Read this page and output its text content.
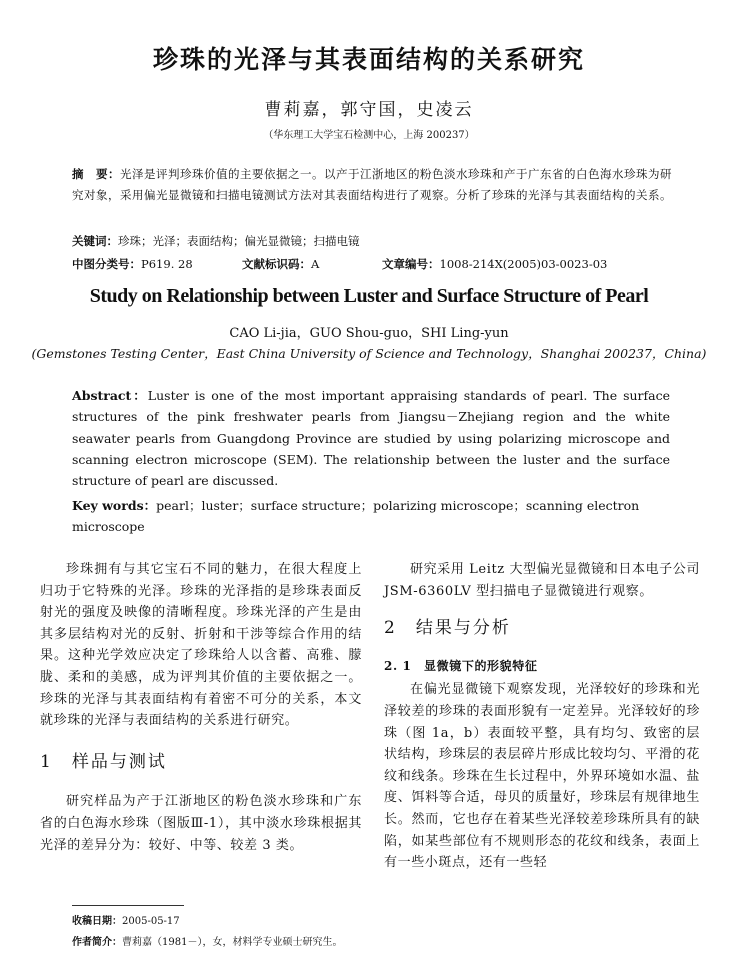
珍珠的光泽与其表面结构的关系研究
曹莉嘉，郭守国，史凌云
（华东理工大学宝石检测中心，上海 200237）
摘　要：光泽是评判珍珠价值的主要依据之一。以产于江浙地区的粉色淡水珍珠和产于广东省的白色海水珍珠为研究对象，采用偏光显微镜和扫描电镜测试方法对其表面结构进行了观察。分析了珍珠的光泽与其表面结构的关系。
关键词：珍珠；光泽；表面结构；偏光显微镜；扫描电镜
中图分类号：P619. 28	文献标识码：A	文章编号：1008-214X(2005)03-0023-03
Study on Relationship between Luster and Surface Structure of Pearl
CAO Li-jia，GUO Shou-guo，SHI Ling-yun
(Gemstones Testing Center，East China University of Science and Technology，Shanghai 200237，China)
Abstract：Luster is one of the most important appraising standards of pearl. The surface structures of the pink freshwater pearls from Jiangsu－Zhejiang region and the white seawater pearls from Guangdong Province are studied by using polarizing microscope and scanning electron microscope (SEM). The relationship between the luster and the surface structure of pearl are discussed.
Key words：pearl；luster；surface structure；polarizing microscope；scanning electron microscope

珍珠拥有与其它宝石不同的魅力，在很大程度上归功于它特殊的光泽。珍珠的光泽指的是珍珠表面反射光的强度及映像的清晰程度。珍珠光泽的产生是由其多层结构对光的反射、折射和干涉等综合作用的结果。这种光学效应决定了珍珠给人以含蓄、高雅、朦胧、柔和的美感，成为评判其价值的主要依据之一。珍珠的光泽与其表面结构有着密不可分的关系，本文就珍珠的光泽与表面结构的关系进行研究。

1　样品与测试

研究样品为产于江浙地区的粉色淡水珍珠和广东省的白色海水珍珠（图版Ⅲ-1），其中淡水珍珠根据其光泽的差异分为：较好、中等、较差 3 类。

研究采用 Leitz 大型偏光显微镜和日本电子公司 JSM-6360LV 型扫描电子显微镜进行观察。

2　结果与分析
2. 1　显微镜下的形貌特征

在偏光显微镜下观察发现，光泽较好的珍珠和光泽较差的珍珠的表面形貌有一定差异。光泽较好的珍珠（图 1a，b）表面较平整，具有均匀、致密的层状结构，珍珠层的表层碎片形成比较均匀、平滑的花纹和线条。珍珠在生长过程中，外界环境如水温、盐度、饵料等合适，母贝的质量好，珍珠层有规律地生长。然而，它也存在着某些光泽较差珍珠所具有的缺陷，如某些部位有不规则形态的花纹和线条，表面上有一些小斑点，还有一些轻

收稿日期：2005-05-17
作者简介：曹莉嘉（1981－），女，材料学专业硕士研究生。
